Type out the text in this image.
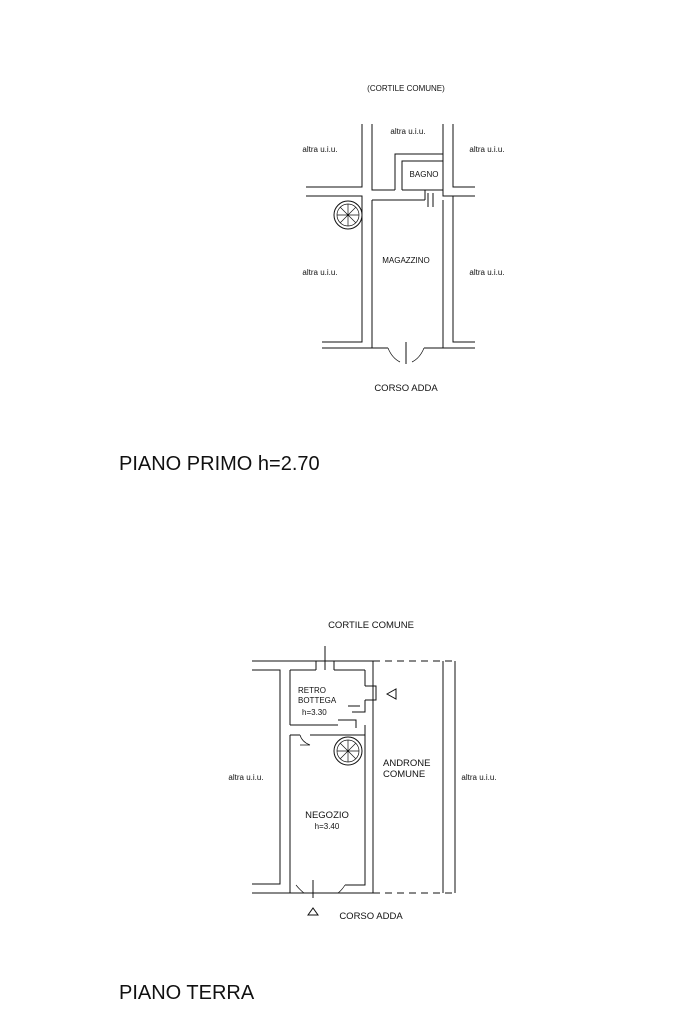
(CORTILE COMUNE)
altra u.i.u.
altra u.i.u.	altra u.i.u.
BAGNO
MAGAZZINO
altra u.i.u.	altra u.i.u.
CORSO ADDA
PIANO PRIMO h=2.70
CORTILE COMUNE
RETRO
BOTTEGA
h=3.30
ANDRONE
COMUNE
altra u.i.u.	altra u.i.u.
NEGOZIO
h=3.40
CORSO ADDA
PIANO TERRA
